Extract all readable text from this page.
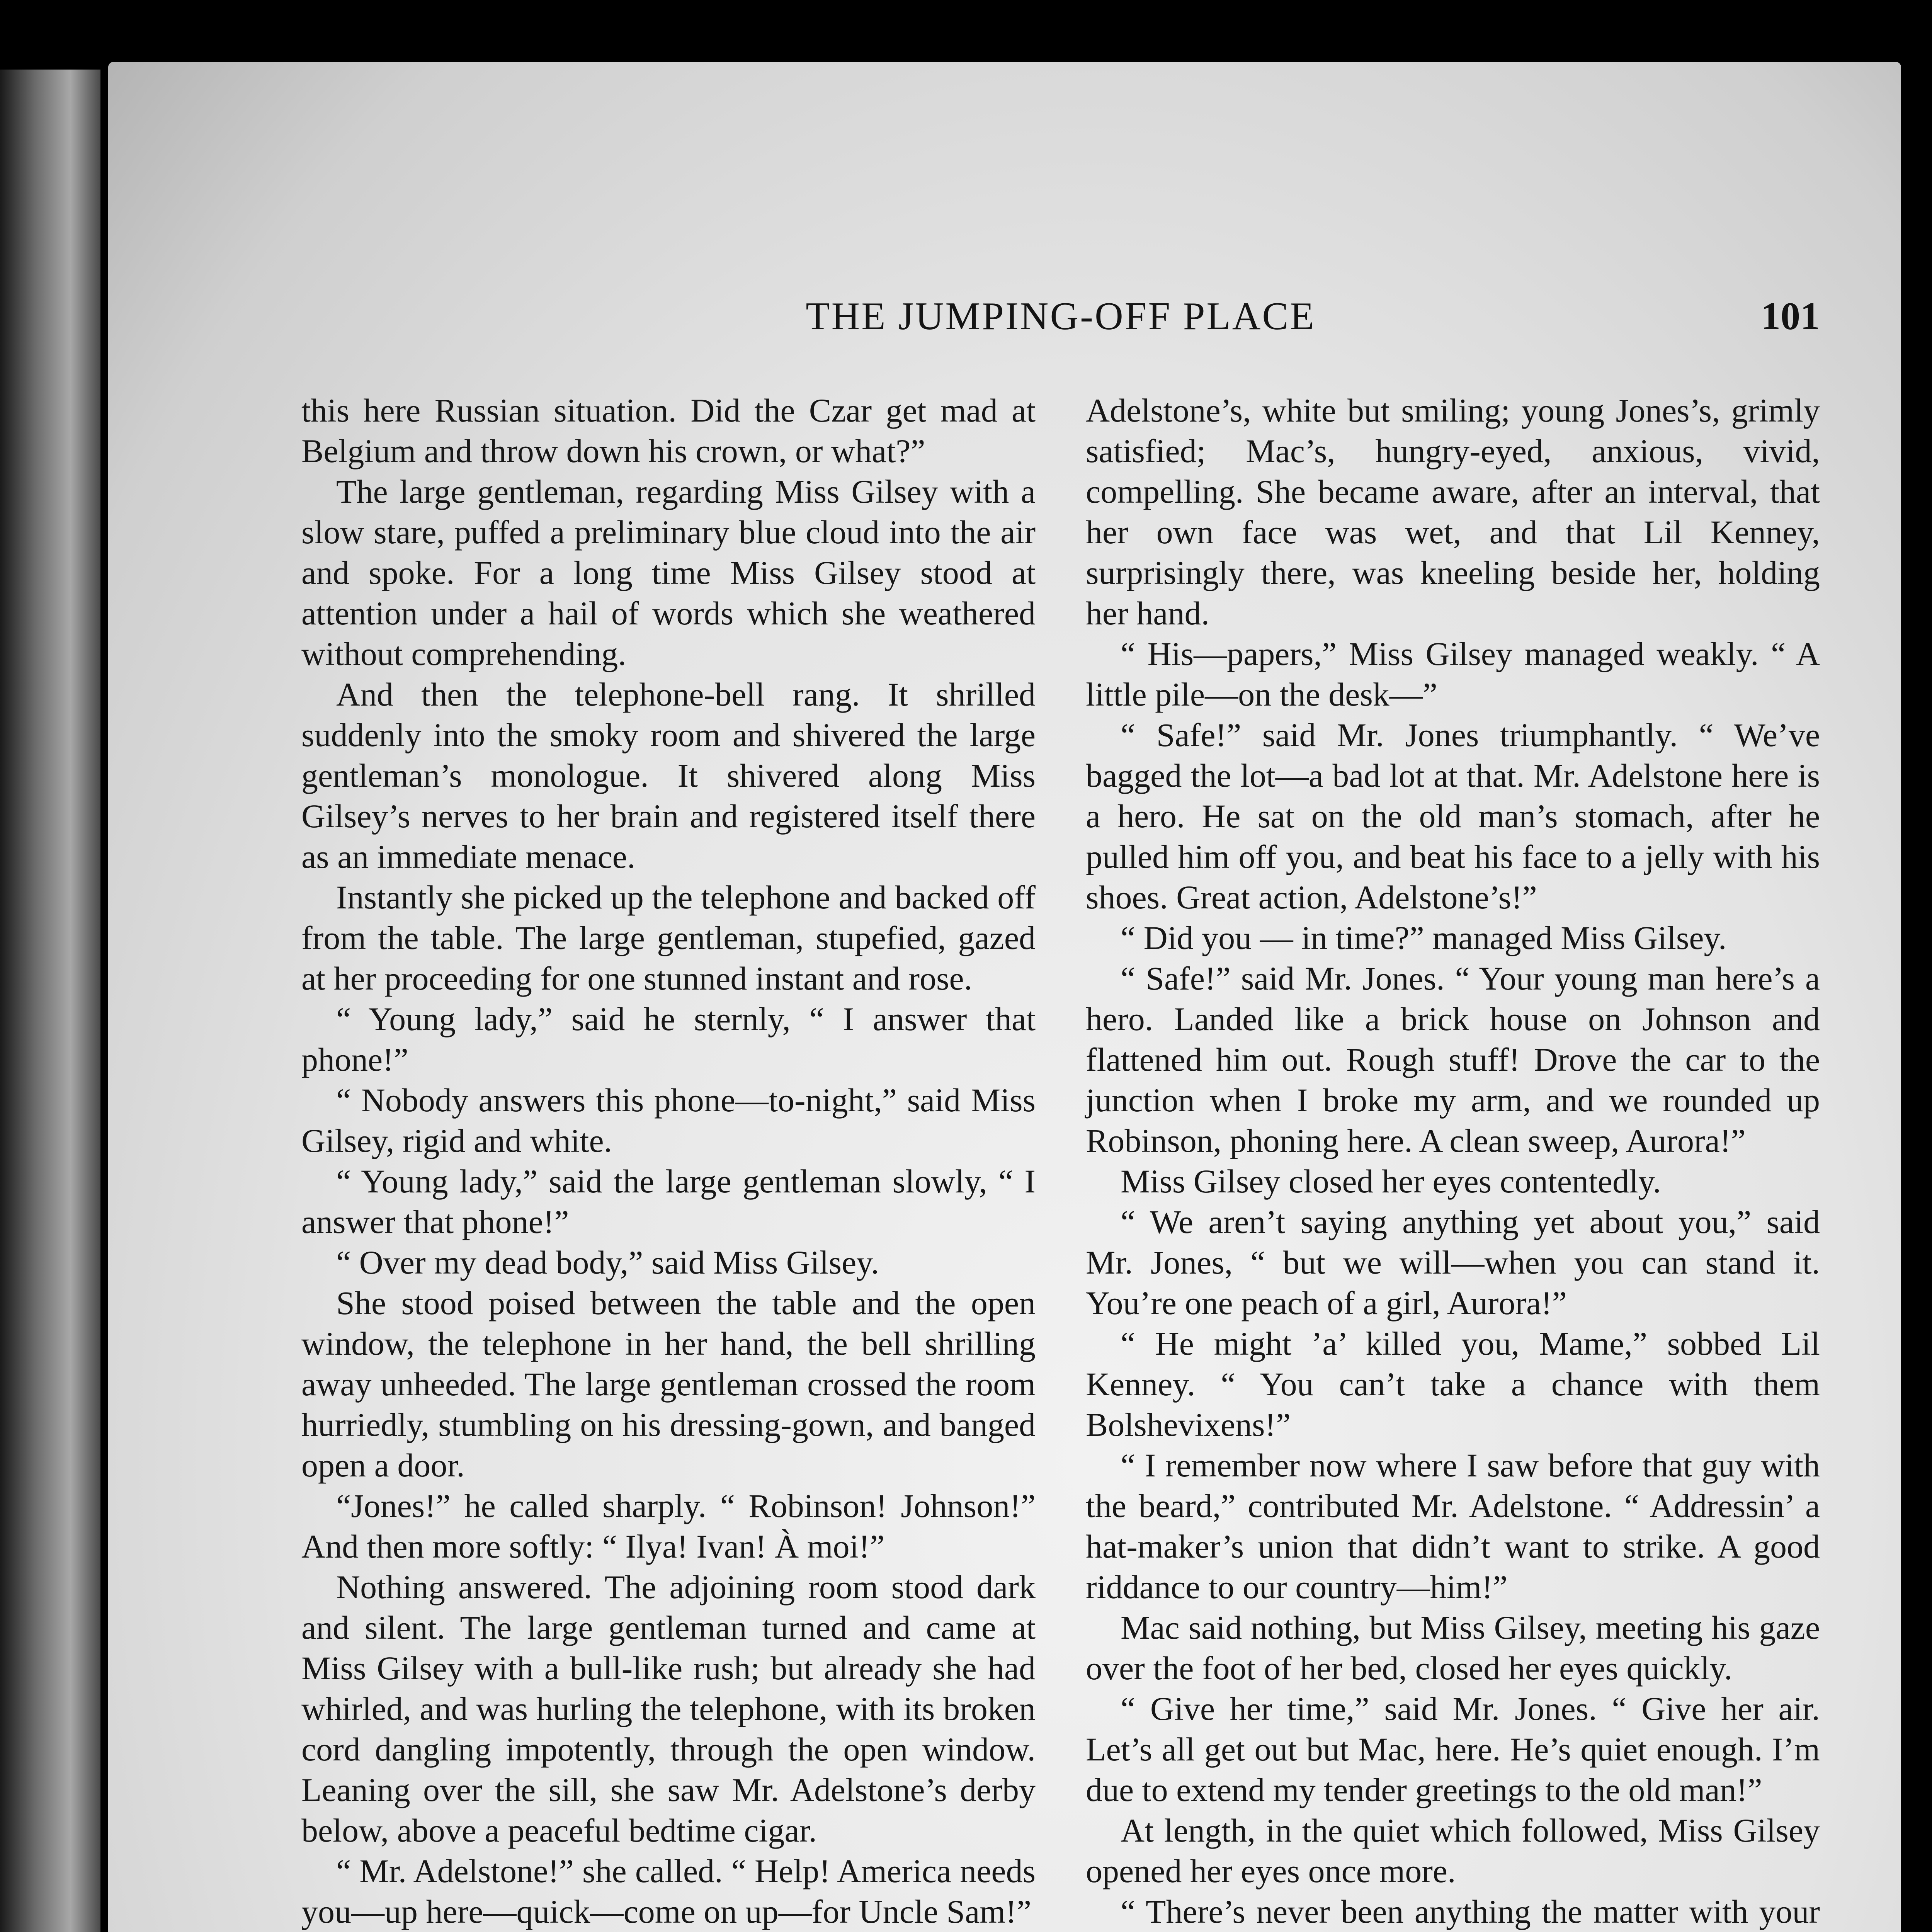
THE JUMPING-OFF PLACE	101

this here Russian situation. Did the Czar get mad at Belgium and throw down his crown, or what?”

The large gentleman, regarding Miss Gilsey with a slow stare, puffed a preliminary blue cloud into the air and spoke. For a long time Miss Gilsey stood at attention under a hail of words which she weathered without comprehending.

And then the telephone-bell rang. It shrilled suddenly into the smoky room and shivered the large gentleman’s monologue. It shivered along Miss Gilsey’s nerves to her brain and registered itself there as an immediate menace.

Instantly she picked up the telephone and backed off from the table. The large gentleman, stupefied, gazed at her proceeding for one stunned instant and rose.

“ Young lady,” said he sternly, “ I answer that phone!”

“ Nobody answers this phone—to-night,” said Miss Gilsey, rigid and white.

“ Young lady,” said the large gentleman slowly, “ I answer that phone!”

“ Over my dead body,” said Miss Gilsey.

She stood poised between the table and the open window, the telephone in her hand, the bell shrilling away unheeded. The large gentleman crossed the room hurriedly, stumbling on his dressing-gown, and banged open a door.

“Jones!” he called sharply. “ Robinson! Johnson!” And then more softly: “ Ilya! Ivan! À moi!”

Nothing answered. The adjoining room stood dark and silent. The large gentleman turned and came at Miss Gilsey with a bull-like rush; but already she had whirled, and was hurling the telephone, with its broken cord dangling impotently, through the open window. Leaning over the sill, she saw Mr. Adelstone’s derby below, above a peaceful bedtime cigar.

“ Mr. Adelstone!” she called. “ Help! America needs you—up here—quick—come on up—for Uncle Sam!”

Adelstone’s, white but smiling; young Jones’s, grimly satisfied; Mac’s, hungry-eyed, anxious, vivid, compelling. She became aware, after an interval, that her own face was wet, and that Lil Kenney, surprisingly there, was kneeling beside her, holding her hand.

“ His—papers,” Miss Gilsey managed weakly. “ A little pile—on the desk—”

“ Safe!” said Mr. Jones triumphantly. “ We’ve bagged the lot—a bad lot at that. Mr. Adelstone here is a hero. He sat on the old man’s stomach, after he pulled him off you, and beat his face to a jelly with his shoes. Great action, Adelstone’s!”

“ Did you — in time?” managed Miss Gilsey.

“ Safe!” said Mr. Jones. “ Your young man here’s a hero. Landed like a brick house on Johnson and flattened him out. Rough stuff! Drove the car to the junction when I broke my arm, and we rounded up Robinson, phoning here. A clean sweep, Aurora!”

Miss Gilsey closed her eyes contentedly.

“ We aren’t saying anything yet about you,” said Mr. Jones, “ but we will—when you can stand it. You’re one peach of a girl, Aurora!”

“ He might ’a’ killed you, Mame,” sobbed Lil Kenney. “ You can’t take a chance with them Bolshevixens!”

“ I remember now where I saw before that guy with the beard,” contributed Mr. Adelstone. “ Addressin’ a hat-maker’s union that didn’t want to strike. A good riddance to our country—him!”

Mac said nothing, but Miss Gilsey, meeting his gaze over the foot of her bed, closed her eyes quickly.

“ Give her time,” said Mr. Jones. “ Give her air. Let’s all get out but Mac, here. He’s quiet enough. I’m due to extend my tender greetings to the old man!”

At length, in the quiet which followed, Miss Gilsey opened her eyes once more.

“ There’s never been anything the matter with your
